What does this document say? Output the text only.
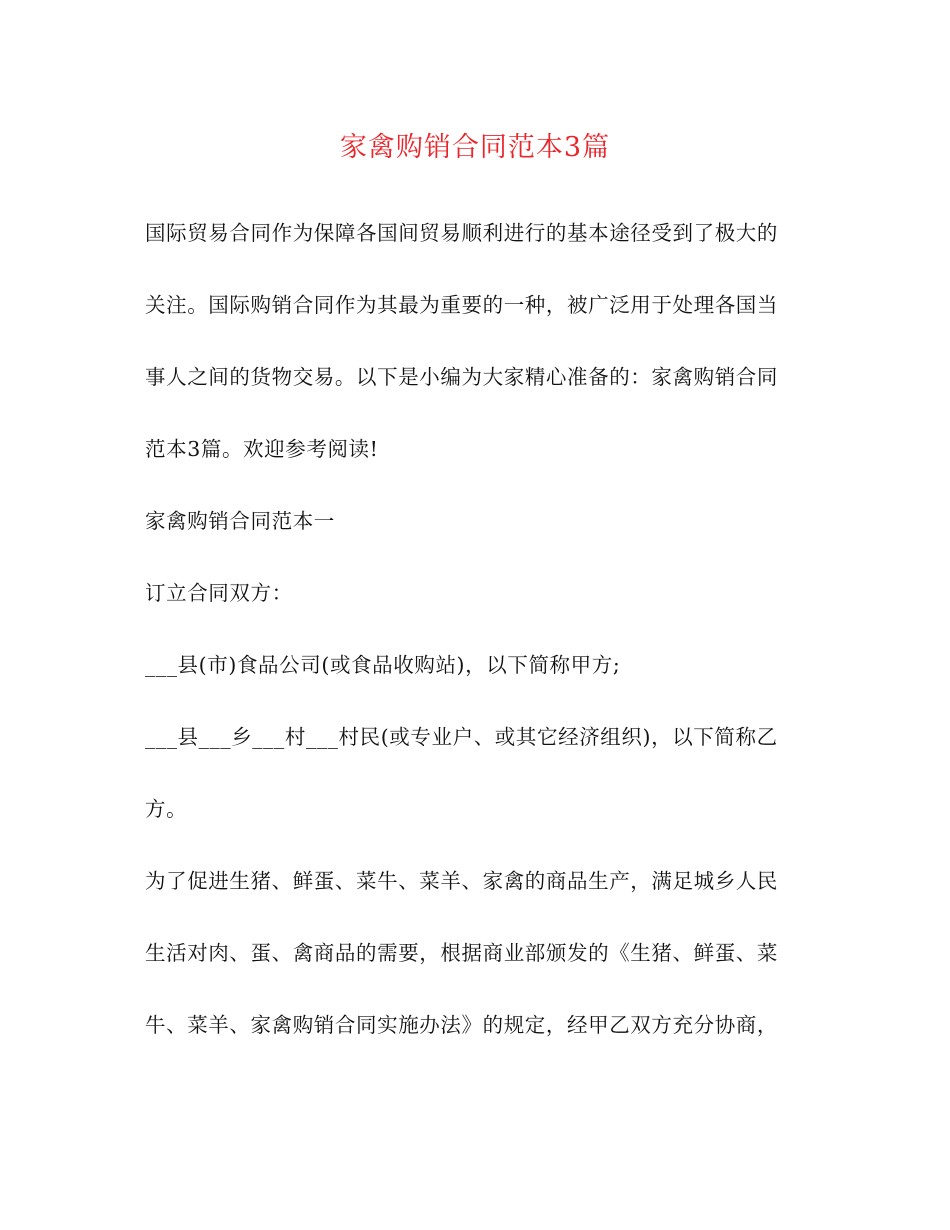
家禽购销合同范本3篇
国际贸易合同作为保障各国间贸易顺利进行的基本途径受到了极大的
关注。国际购销合同作为其最为重要的一种，被广泛用于处理各国当
事人之间的货物交易。以下是小编为大家精心准备的：家禽购销合同
范本3篇。欢迎参考阅读!
家禽购销合同范本一
订立合同双方：
___县(市)食品公司(或食品收购站)，以下简称甲方;
___县___乡___村___村民(或专业户、或其它经济组织)，以下简称乙
方。
为了促进生猪、鲜蛋、菜牛、菜羊、家禽的商品生产，满足城乡人民
生活对肉、蛋、禽商品的需要，根据商业部颁发的《生猪、鲜蛋、菜
牛、菜羊、家禽购销合同实施办法》的规定，经甲乙双方充分协商，
